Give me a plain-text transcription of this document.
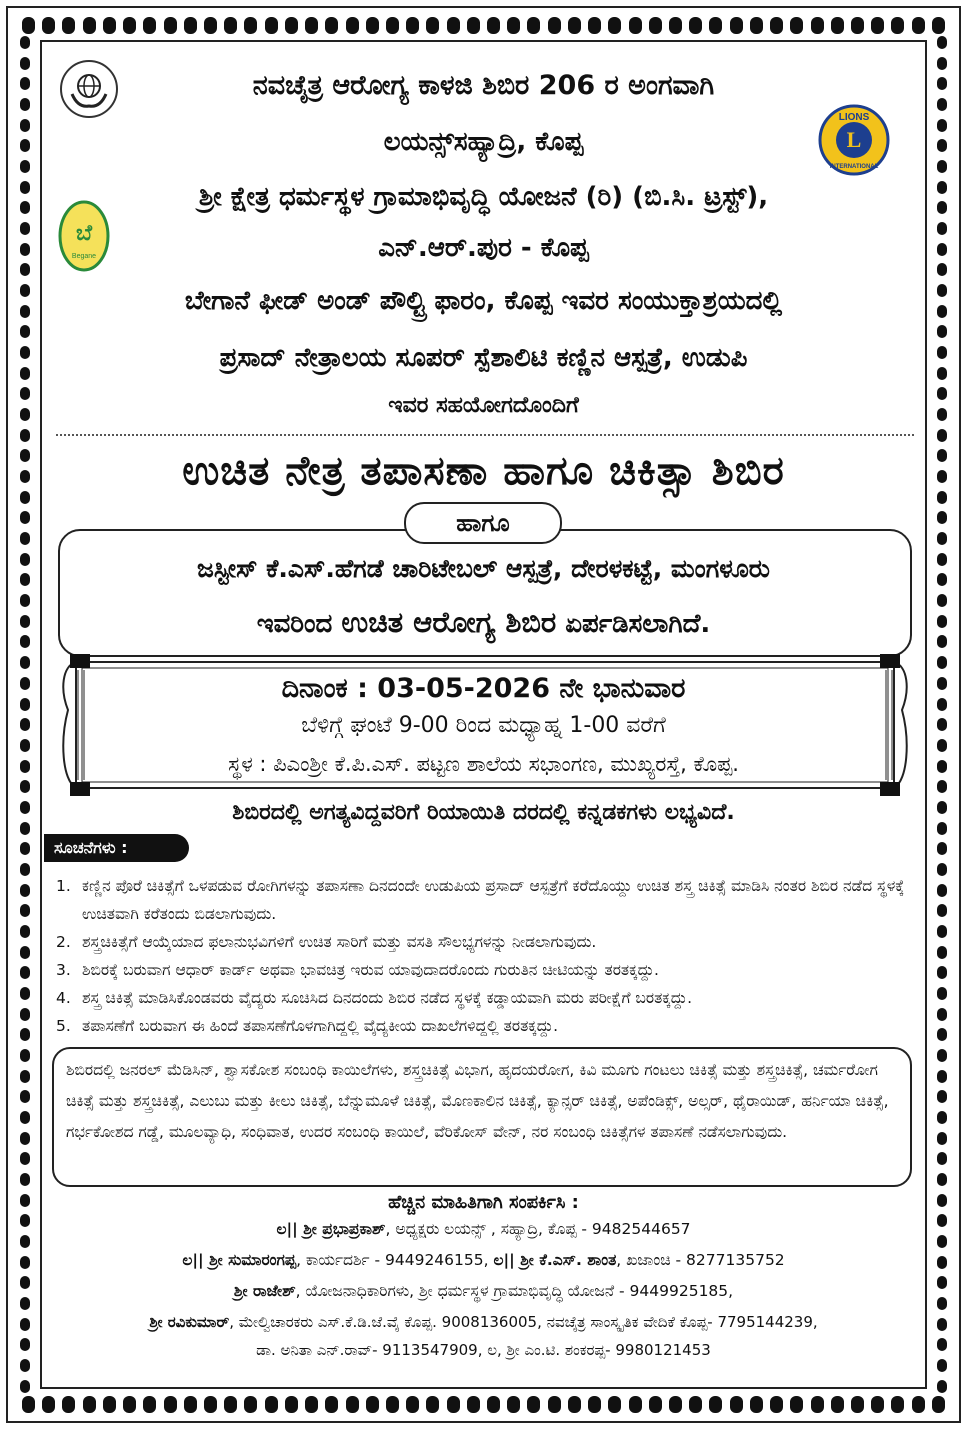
LIONS
L
INTERNATIONAL
ಬೆ
Begane
ನವಚೈತ್ರ ಆರೋಗ್ಯ ಕಾಳಜಿ ಶಿಬಿರ 206 ರ ಅಂಗವಾಗಿ
ಲಯನ್ಸ್‌ಸಹ್ಯಾದ್ರಿ, ಕೊಪ್ಪ
ಶ್ರೀ ಕ್ಷೇತ್ರ ಧರ್ಮಸ್ಥಳ ಗ್ರಾಮಾಭಿವೃದ್ಧಿ ಯೋಜನೆ (ರಿ) (ಬಿ.ಸಿ. ಟ್ರಸ್ಟ್),
ಎನ್.ಆರ್.ಪುರ - ಕೊಪ್ಪ
ಬೇಗಾನೆ ಫೀಡ್ ಅಂಡ್ ಪೌಲ್ಟ್ರಿ ಫಾರಂ, ಕೊಪ್ಪ ಇವರ ಸಂಯುಕ್ತಾಶ್ರಯದಲ್ಲಿ
ಪ್ರಸಾದ್ ನೇತ್ರಾಲಯ ಸೂಪರ್ ಸ್ಪೆಶಾಲಿಟಿ ಕಣ್ಣಿನ ಆಸ್ಪತ್ರೆ, ಉಡುಪಿ
ಇವರ ಸಹಯೋಗದೊಂದಿಗೆ
ಉಚಿತ ನೇತ್ರ ತಪಾಸಣಾ ಹಾಗೂ ಚಿಕಿತ್ಸಾ ಶಿಬಿರ
ಹಾಗೂ
ಜಸ್ಟೀಸ್ ಕೆ.ಎಸ್.ಹೆಗಡೆ ಚಾರಿಟೇಬಲ್ ಆಸ್ಪತ್ರೆ, ದೇರಳಕಟ್ಟೆ, ಮಂಗಳೂರು
ಇವರಿಂದ ಉಚಿತ ಆರೋಗ್ಯ ಶಿಬಿರ ಏರ್ಪಡಿಸಲಾಗಿದೆ.
ದಿನಾಂಕ : 03-05-2026 ನೇ ಭಾನುವಾರ
ಬೆಳಿಗ್ಗೆ ಘಂಟೆ 9-00 ರಿಂದ ಮಧ್ಯಾಹ್ನ 1-00 ವರೆಗೆ
ಸ್ಥಳ : ಪಿಎಂಶ್ರೀ ಕೆ.ಪಿ.ಎಸ್. ಪಟ್ಟಣ ಶಾಲೆಯ ಸಭಾಂಗಣ, ಮುಖ್ಯರಸ್ತೆ, ಕೊಪ್ಪ.
ಶಿಬಿರದಲ್ಲಿ ಅಗತ್ಯವಿದ್ದವರಿಗೆ ರಿಯಾಯಿತಿ ದರದಲ್ಲಿ ಕನ್ನಡಕಗಳು ಲಭ್ಯವಿದೆ.
ಸೂಚನೆಗಳು :
1. ಕಣ್ಣಿನ ಪೊರೆ ಚಿಕಿತ್ಸೆಗೆ ಒಳಪಡುವ ರೋಗಿಗಳನ್ನು ತಪಾಸಣಾ ದಿನದಂದೇ ಉಡುಪಿಯ ಪ್ರಸಾದ್ ಆಸ್ಪತ್ರೆಗೆ ಕರೆದೊಯ್ದು ಉಚಿತ ಶಸ್ತ್ರ ಚಿಕಿತ್ಸೆ ಮಾಡಿಸಿ ನಂತರ ಶಿಬಿರ ನಡೆದ ಸ್ಥಳಕ್ಕೆ ಉಚಿತವಾಗಿ ಕರೆತಂದು ಬಿಡಲಾಗುವುದು.
2. ಶಸ್ತ್ರಚಿಕಿತ್ಸೆಗೆ ಆಯ್ಕೆಯಾದ ಫಲಾನುಭವಿಗಳಿಗೆ ಉಚಿತ ಸಾರಿಗೆ ಮತ್ತು ವಸತಿ ಸೌಲಭ್ಯಗಳನ್ನು ನೀಡಲಾಗುವುದು.
3. ಶಿಬಿರಕ್ಕೆ ಬರುವಾಗ ಆಧಾರ್ ಕಾರ್ಡ್ ಅಥವಾ ಭಾವಚಿತ್ರ ಇರುವ ಯಾವುದಾದರೊಂದು ಗುರುತಿನ ಚೀಟಿಯನ್ನು ತರತಕ್ಕದ್ದು.
4. ಶಸ್ತ್ರ ಚಿಕಿತ್ಸೆ ಮಾಡಿಸಿಕೊಂಡವರು ವೈದ್ಯರು ಸೂಚಿಸಿದ ದಿನದಂದು ಶಿಬಿರ ನಡೆದ ಸ್ಥಳಕ್ಕೆ ಕಡ್ಡಾಯವಾಗಿ ಮರು ಪರೀಕ್ಷೆಗೆ ಬರತಕ್ಕದ್ದು.
5. ತಪಾಸಣೆಗೆ ಬರುವಾಗ ಈ ಹಿಂದೆ ತಪಾಸಣೆಗೊಳಗಾಗಿದ್ದಲ್ಲಿ ವೈದ್ಯಕೀಯ ದಾಖಲೆಗಳಿದ್ದಲ್ಲಿ ತರತಕ್ಕದ್ದು.
ಶಿಬಿರದಲ್ಲಿ ಜನರಲ್ ಮೆಡಿಸಿನ್, ಶ್ವಾಸಕೋಶ ಸಂಬಂಧಿ ಕಾಯಿಲೆಗಳು, ಶಸ್ತ್ರಚಿಕಿತ್ಸೆ ವಿಭಾಗ, ಹೃದಯರೋಗ, ಕಿವಿ ಮೂಗು ಗಂಟಲು ಚಿಕಿತ್ಸೆ ಮತ್ತು ಶಸ್ತ್ರಚಿಕಿತ್ಸೆ, ಚರ್ಮರೋಗ ಚಿಕಿತ್ಸೆ ಮತ್ತು ಶಸ್ತ್ರಚಿಕಿತ್ಸೆ, ಎಲುಬು ಮತ್ತು ಕೀಲು ಚಿಕಿತ್ಸೆ, ಬೆನ್ನುಮೂಳೆ ಚಿಕಿತ್ಸೆ, ಮೊಣಕಾಲಿನ ಚಿಕಿತ್ಸೆ, ಕ್ಯಾನ್ಸರ್ ಚಿಕಿತ್ಸೆ, ಅಪೆಂಡಿಕ್ಸ್, ಅಲ್ಸರ್, ಥೈರಾಯಿಡ್, ಹರ್ನಿಯಾ ಚಿಕಿತ್ಸೆ, ಗರ್ಭಕೋಶದ ಗಡ್ಡೆ, ಮೂಲವ್ಯಾಧಿ, ಸಂಧಿವಾತ, ಉದರ ಸಂಬಂಧಿ ಕಾಯಿಲೆ, ವೆರಿಕೋಸ್ ವೇನ್, ನರ ಸಂಬಂಧಿ ಚಿಕಿತ್ಸೆಗಳ ತಪಾಸಣೆ ನಡೆಸಲಾಗುವುದು.
ಹೆಚ್ಚಿನ ಮಾಹಿತಿಗಾಗಿ ಸಂಪರ್ಕಿಸಿ :
ಲ|| ಶ್ರೀ ಪ್ರಭಾಪ್ರಕಾಶ್, ಅಧ್ಯಕ್ಷರು ಲಯನ್ಸ್ , ಸಹ್ಯಾದ್ರಿ, ಕೊಪ್ಪ - 9482544657
ಲ|| ಶ್ರೀ ಸುಮಾರಂಗಪ್ಪ, ಕಾರ್ಯದರ್ಶಿ - 9449246155, ಲ|| ಶ್ರೀ ಕೆ.ಎಸ್. ಶಾಂತ, ಖಜಾಂಚಿ - 8277135752
ಶ್ರೀ ರಾಜೇಶ್, ಯೋಜನಾಧಿಕಾರಿಗಳು, ಶ್ರೀ ಧರ್ಮಸ್ಥಳ ಗ್ರಾಮಾಭಿವೃದ್ಧಿ ಯೋಜನೆ - 9449925185,
ಶ್ರೀ ರವಿಕುಮಾರ್, ಮೇಲ್ವಿಚಾರಕರು ಎಸ್.ಕೆ.ಡಿ.ಜೆ.ವೈ ಕೊಪ್ಪ. 9008136005, ನವಚೈತ್ರ ಸಾಂಸ್ಕೃತಿಕ ವೇದಿಕೆ ಕೊಪ್ಪ- 7795144239,
ಡಾ. ಅನಿತಾ ಎನ್.ರಾವ್- 9113547909, ಲ, ಶ್ರೀ ಎಂ.ಟಿ. ಶಂಕರಪ್ಪ- 9980121453
